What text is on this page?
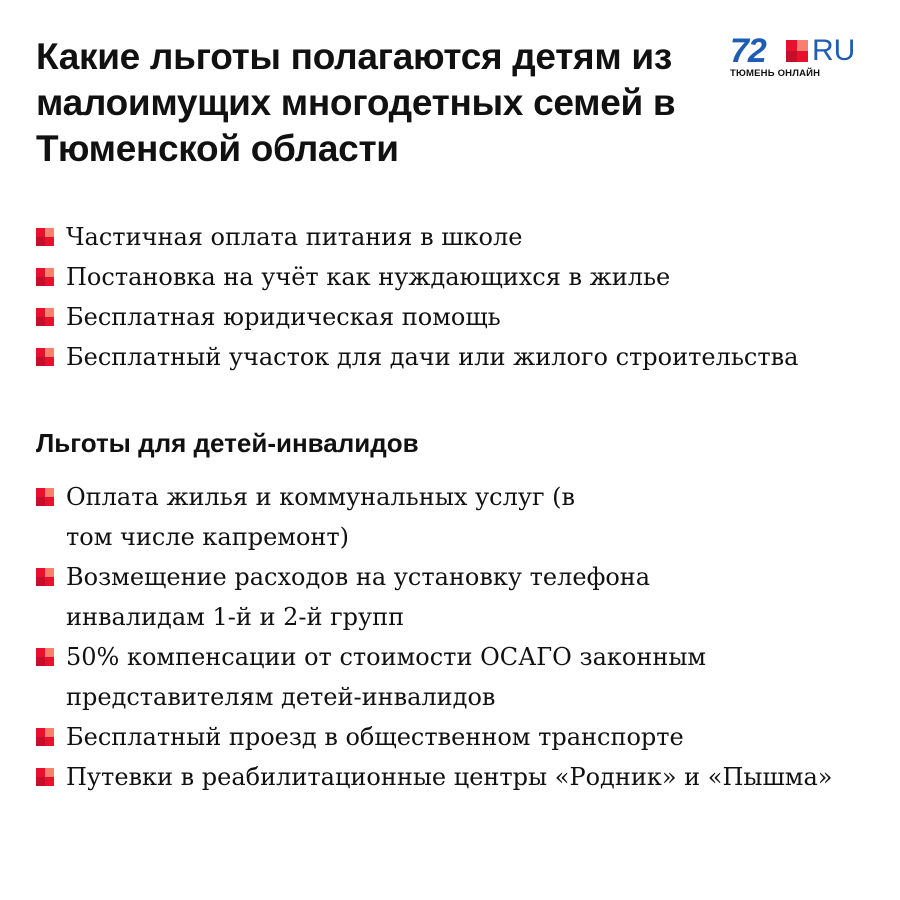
Какие льготы полагаются детям из малоимущих многодетных семей в Тюменской области
72 RU
ТЮМЕНЬ ОНЛАЙН
Частичная оплата питания в школе
Постановка на учёт как нуждающихся в жилье
Бесплатная юридическая помощь
Бесплатный участок для дачи или жилого строительства
Льготы для детей-инвалидов
Оплата жилья и коммунальных услуг (в том числе капремонт)
Возмещение расходов на установку телефона инвалидам 1-й и 2-й групп
50% компенсации от стоимости ОСАГО законным представителям детей-инвалидов
Бесплатный проезд в общественном транспорте
Путевки в реабилитационные центры «Родник» и «Пышма»
